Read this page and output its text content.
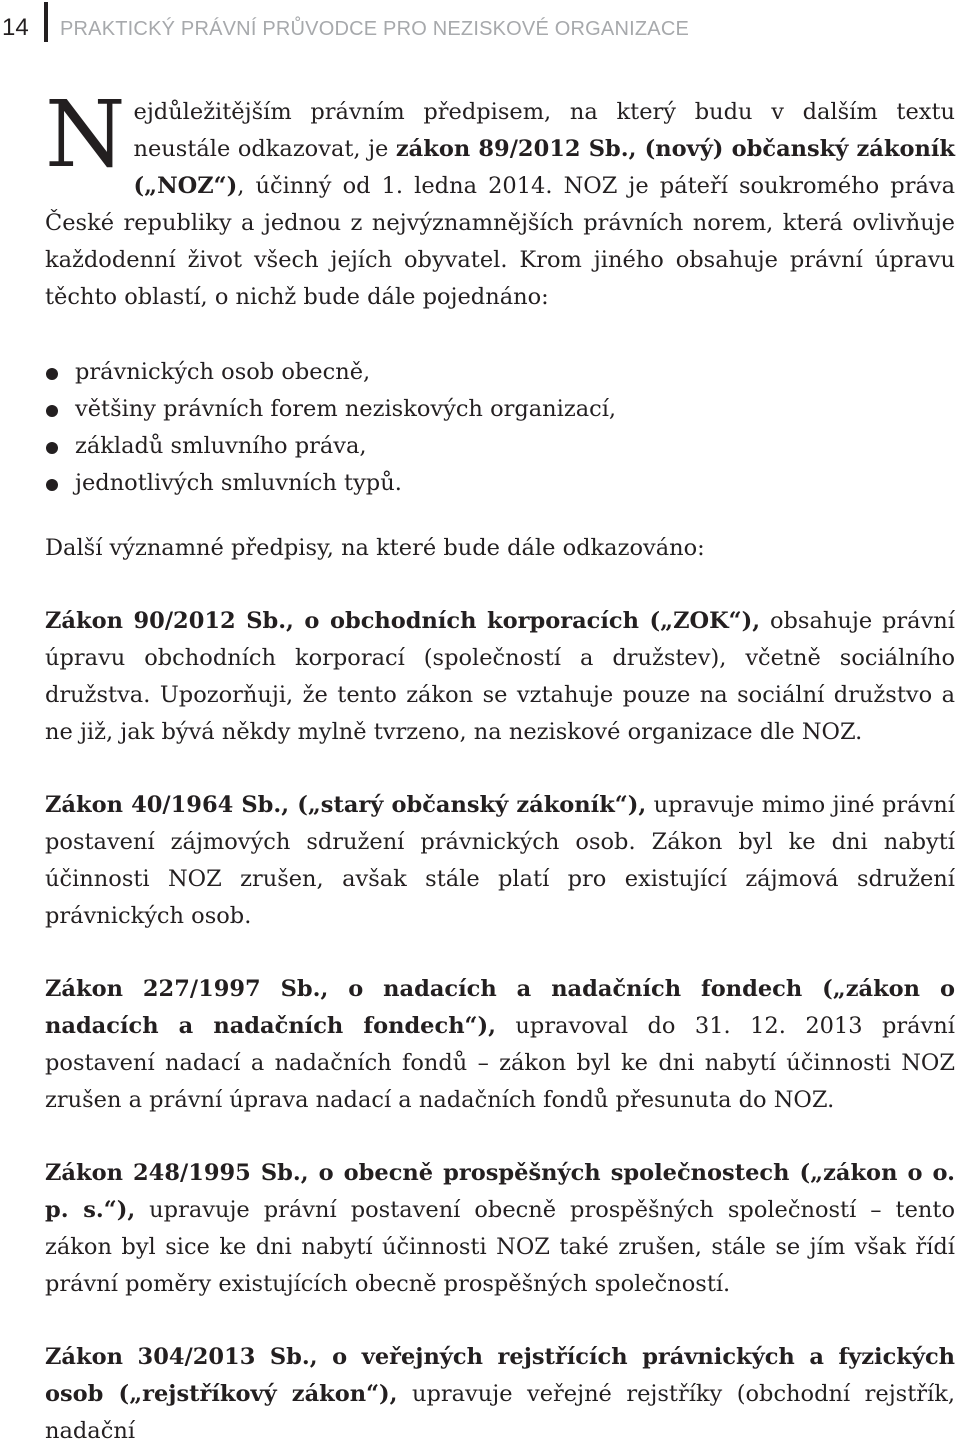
14 PRAKTICKÝ PRÁVNÍ PRŮVODCE PRO NEZISKOVÉ ORGANIZACE

Nejdůležitějším právním předpisem, na který budu v dalším textu neustále odkazovat, je zákon 89/2012 Sb., (nový) občanský zákoník („NOZ“), účinný od 1. ledna 2014. NOZ je páteří soukromého práva České republiky a jednou z nejvýznamnějších právních norem, která ovlivňuje každodenní život všech jejích obyvatel. Krom jiného obsahuje právní úpravu těchto oblastí, o nichž bude dále pojednáno:

právnických osob obecně,
většiny právních forem neziskových organizací,
základů smluvního práva,
jednotlivých smluvních typů.

Další významné předpisy, na které bude dále odkazováno:

Zákon 90/2012 Sb., o obchodních korporacích („ZOK“), obsahuje právní úpravu obchodních korporací (společností a družstev), včetně sociálního družstva. Upozorňuji, že tento zákon se vztahuje pouze na sociální družstvo a ne již, jak bývá někdy mylně tvrzeno, na neziskové organizace dle NOZ.

Zákon 40/1964 Sb., („starý občanský zákoník“), upravuje mimo jiné právní postavení zájmových sdružení právnických osob. Zákon byl ke dni nabytí účinnosti NOZ zrušen, avšak stále platí pro existující zájmová sdružení právnických osob.

Zákon 227/1997 Sb., o nadacích a nadačních fondech („zákon o nadacích a nadačních fondech“), upravoval do 31. 12. 2013 právní postavení nadací a nadačních fondů – zákon byl ke dni nabytí účinnosti NOZ zrušen a právní úprava nadací a nadačních fondů přesunuta do NOZ.

Zákon 248/1995 Sb., o obecně prospěšných společnostech („zákon o o. p. s.“), upravuje právní postavení obecně prospěšných společností – tento zákon byl sice ke dni nabytí účinnosti NOZ také zrušen, stále se jím však řídí právní poměry existujících obecně prospěšných společností.

Zákon 304/2013 Sb., o veřejných rejstřících právnických a fyzických osob („rejstříkový zákon“), upravuje veřejné rejstříky (obchodní rejstřík, nadační
